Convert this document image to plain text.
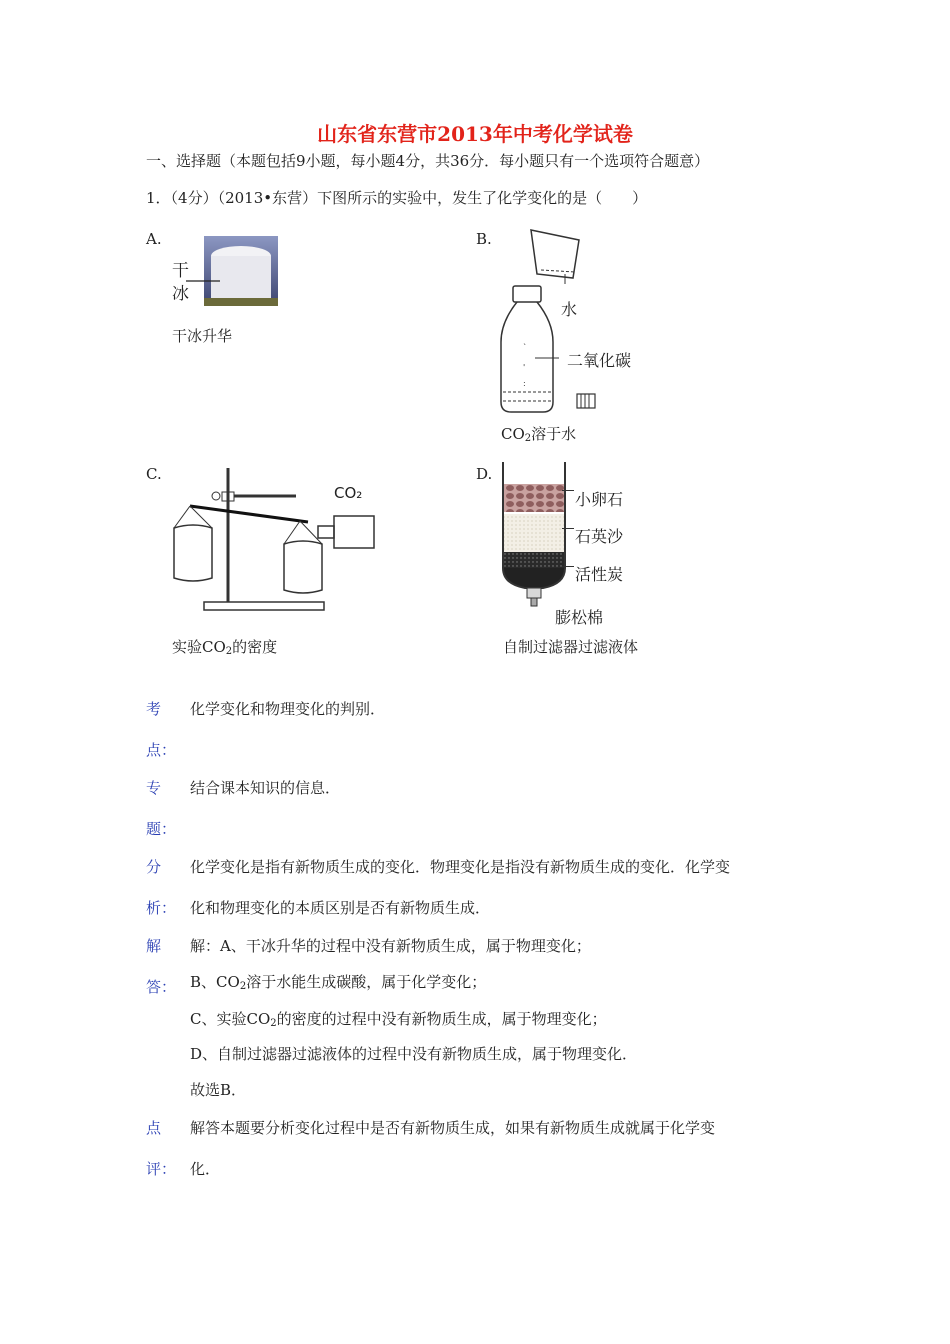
山东省东营市2013年中考化学试卷
一、选择题（本题包括9小题，每小题4分，共36分．每小题只有一个选项符合题意）
1．（4分）（2013•东营）下图所示的实验中，发生了化学变化的是（　　）
A.
干
冰
干冰升华
B.
`
'
:
水
二氧化碳
$CO_2$溶于水
C.
CO₂
实验$CO_2$的密度
D.
小卵石
石英沙
活性炭
膨松棉
自制过滤器过滤液体
考
点：
化学变化和物理变化的判别．
专
题：
结合课本知识的信息．
分
析：
化学变化是指有新物质生成的变化．物理变化是指没有新物质生成的变化．化学变
化和物理变化的本质区别是否有新物质生成．
解
答：
解：A、干冰升华的过程中没有新物质生成，属于物理变化；
B、$CO_2$溶于水能生成碳酸，属于化学变化；
C、实验$CO_2$的密度的过程中没有新物质生成，属于物理变化；
D、自制过滤器过滤液体的过程中没有新物质生成，属于物理变化．
故选B．
点
评：
解答本题要分析变化过程中是否有新物质生成，如果有新物质生成就属于化学变
化．
